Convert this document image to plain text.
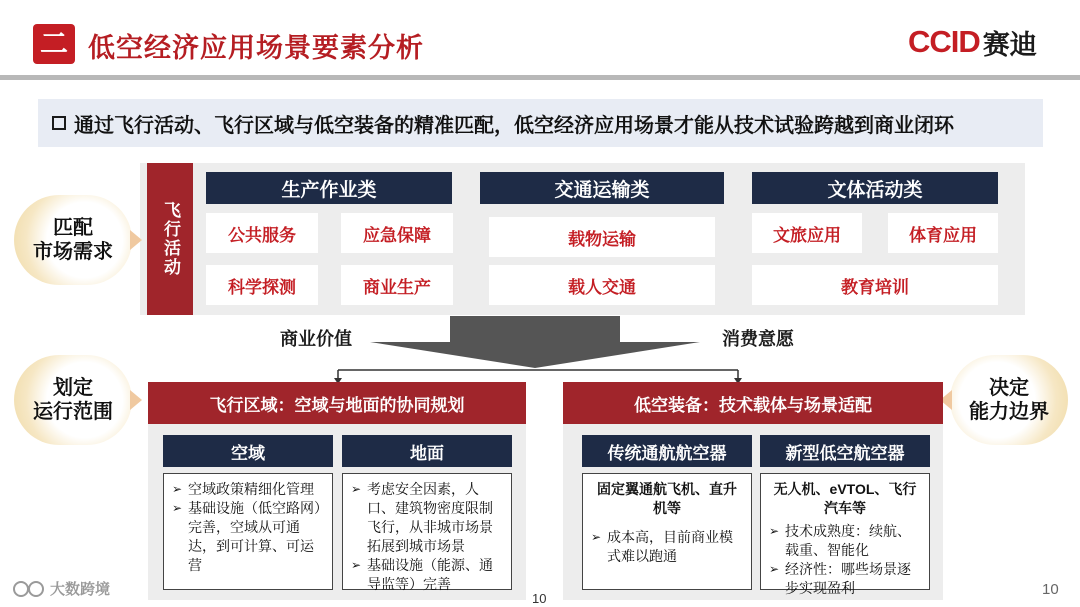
二 低空经济应用场景要素分析	CCID 赛迪
通过飞行活动、飞行区域与低空装备的精准匹配，低空经济应用场景才能从技术试验跨越到商业闭环
飞行活动
生产作业类
公共服务	应急保障
科学探测	商业生产
交通运输类
载物运输
载人交通
文体活动类
文旅应用	体育应用
教育培训
匹配
市场需求
划定
运行范围
决定
能力边界
商业价值	消费意愿
飞行区域：空域与地面的协同规划
空域
➢ 空域政策精细化管理
➢ 基础设施（低空路网）完善，空域从可通达，到可计算、可运营
地面
➢ 考虑安全因素，人口、建筑物密度限制飞行，从非城市场景拓展到城市场景
➢ 基础设施（能源、通导监等）完善
低空装备：技术载体与场景适配
传统通航航空器
固定翼通航飞机、直升机等
➢ 成本高，目前商业模式难以跑通
新型低空航空器
无人机、eVTOL、飞行汽车等
➢ 技术成熟度：续航、载重、智能化
➢ 经济性：哪些场景逐步实现盈利
大数跨境
10
10
